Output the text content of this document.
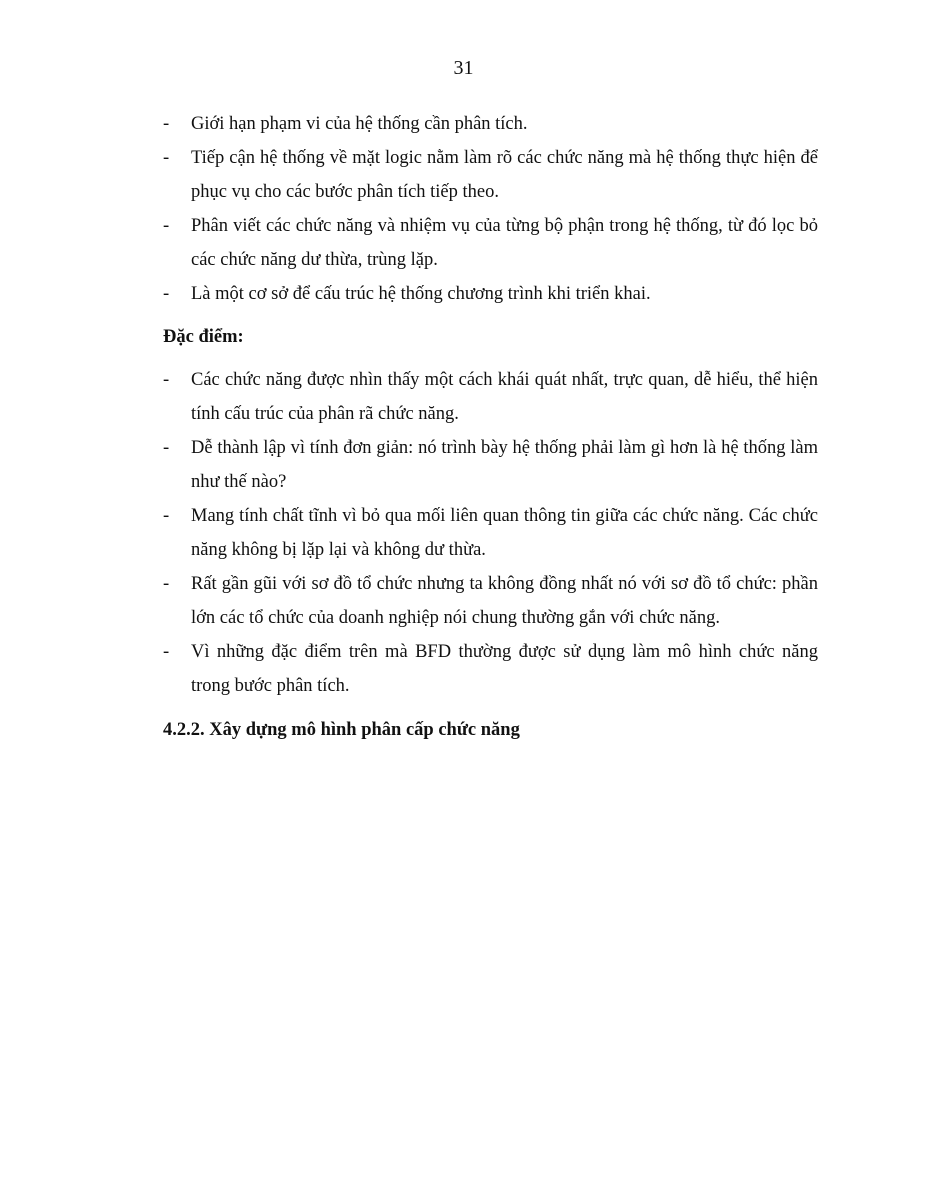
31
- Giới hạn phạm vi của hệ thống cần phân tích.
- Tiếp cận hệ thống về mặt logic nằm làm rõ các chức năng mà hệ thống thực hiện để phục vụ cho các bước phân tích tiếp theo.
- Phân viết các chức năng và nhiệm vụ của từng bộ phận trong hệ thống, từ đó lọc bỏ các chức năng dư thừa, trùng lặp.
- Là một cơ sở để cấu trúc hệ thống chương trình khi triển khai.

Đặc điểm:

- Các chức năng được nhìn thấy một cách khái quát nhất, trực quan, dễ hiểu, thể hiện tính cấu trúc của phân rã chức năng.
- Dễ thành lập vì tính đơn giản: nó trình bày hệ thống phải làm gì hơn là hệ thống làm như thế nào?
- Mang tính chất tĩnh vì bỏ qua mối liên quan thông tin giữa các chức năng. Các chức năng không bị lặp lại và không dư thừa.
- Rất gần gũi với sơ đồ tổ chức nhưng ta không đồng nhất nó với sơ đồ tổ chức: phần lớn các tổ chức của doanh nghiệp nói chung thường gắn với chức năng.
- Vì những đặc điểm trên mà BFD thường được sử dụng làm mô hình chức năng trong bước phân tích.

4.2.2. Xây dựng mô hình phân cấp chức năng
